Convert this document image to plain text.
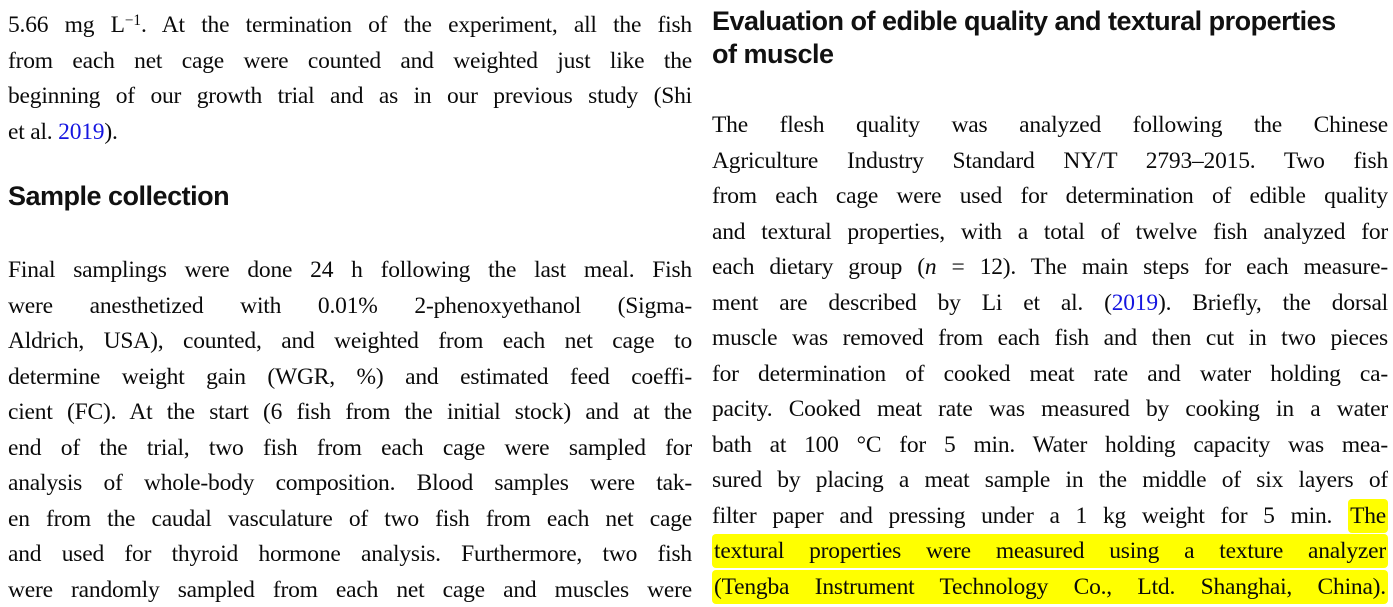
5.66 mg $L^{-1}$. At the termination of the experiment, all the fish
from each net cage were counted and weighted just like the
beginning of our growth trial and as in our previous study (Shi
et al. 2019).
Sample collection
Final samplings were done 24 h following the last meal. Fish
were anesthetized with 0.01% 2-phenoxyethanol (Sigma-
Aldrich, USA), counted, and weighted from each net cage to
determine weight gain (WGR, %) and estimated feed coeffi-
cient (FC). At the start (6 fish from the initial stock) and at the
end of the trial, two fish from each cage were sampled for
analysis of whole-body composition. Blood samples were tak-
en from the caudal vasculature of two fish from each net cage
and used for thyroid hormone analysis. Furthermore, two fish
were randomly sampled from each net cage and muscles were
Evaluation of edible quality and textural properties
of muscle
The flesh quality was analyzed following the Chinese
Agriculture Industry Standard NY/T 2793–2015. Two fish
from each cage were used for determination of edible quality
and textural properties, with a total of twelve fish analyzed for
each dietary group (n = 12). The main steps for each measure-
ment are described by Li et al. (2019). Briefly, the dorsal
muscle was removed from each fish and then cut in two pieces
for determination of cooked meat rate and water holding ca-
pacity. Cooked meat rate was measured by cooking in a water
bath at 100 °C for 5 min. Water holding capacity was mea-
sured by placing a meat sample in the middle of six layers of
filter paper and pressing under a 1 kg weight for 5 min. The
textural properties were measured using a texture analyzer
(Tengba Instrument Technology Co., Ltd. Shanghai, China).
